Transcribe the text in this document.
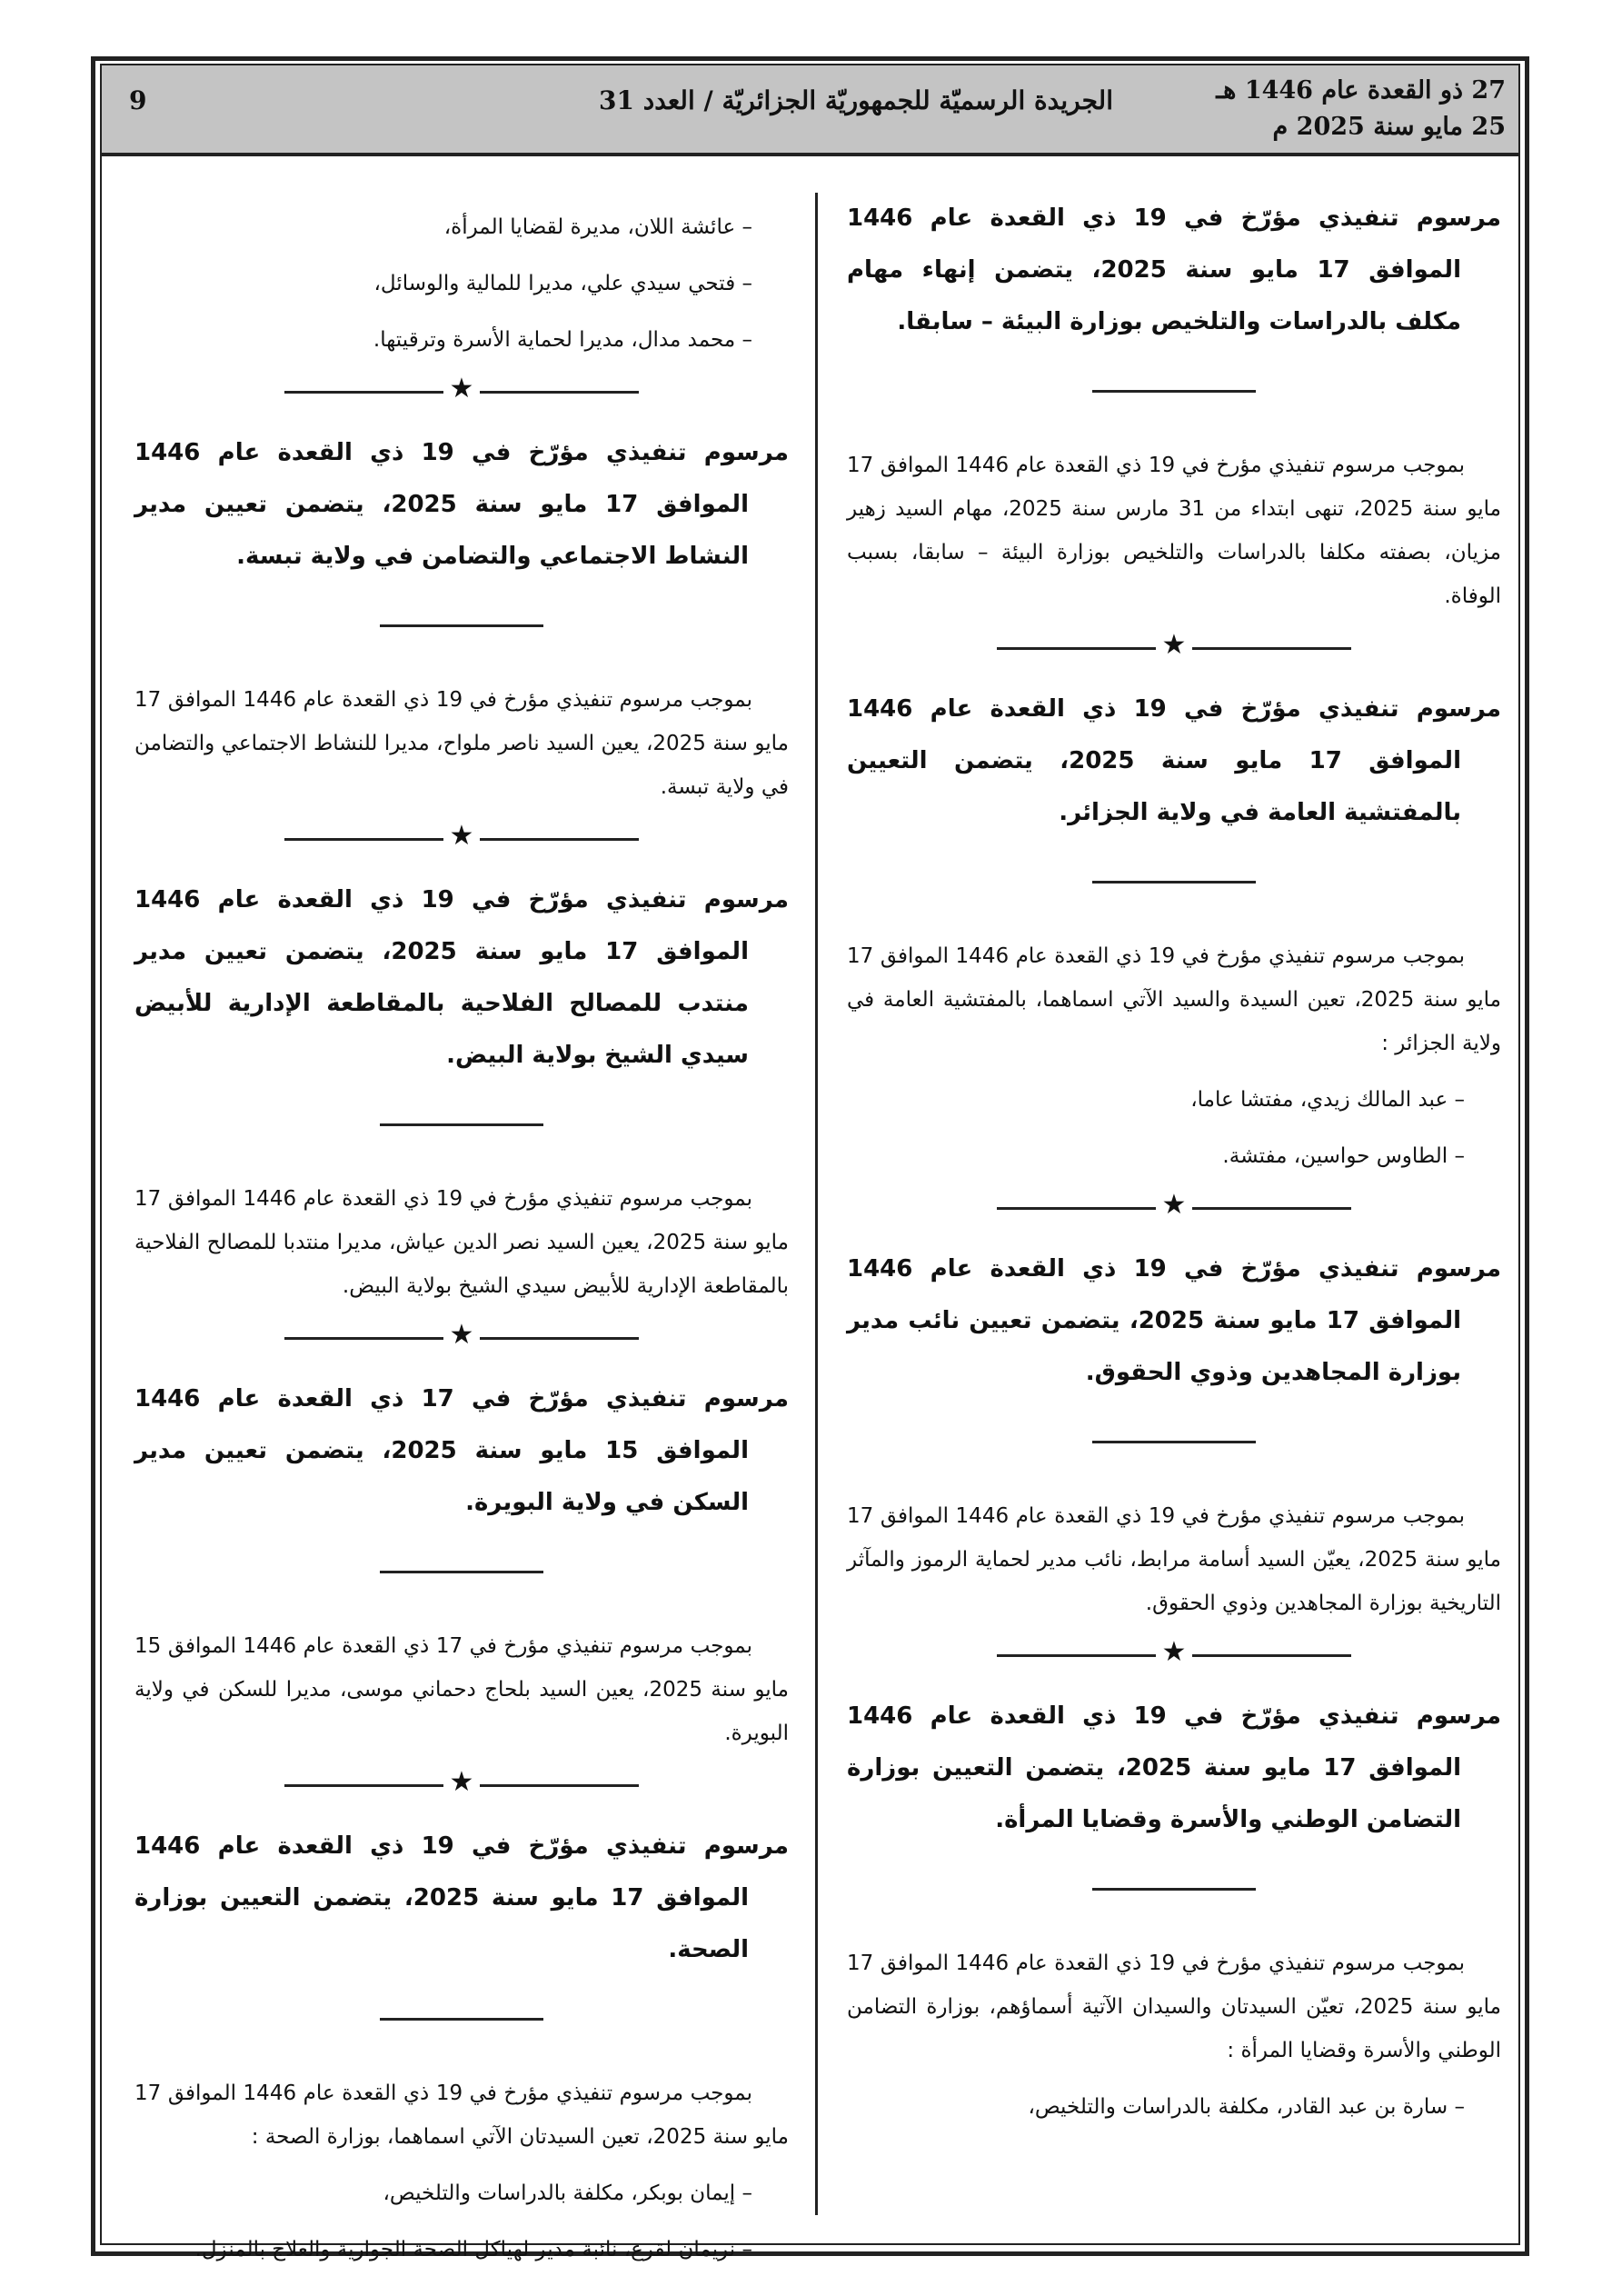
27 ذو القعدة عام 1446 هـ
25 مايو سنة 2025 م
الجريدة الرسميّة للجمهوريّة الجزائريّة / العدد 31
9

مرسوم تنفيذي مؤرّخ في 19 ذي القعدة عام 1446 الموافق 17 مايو سنة 2025، يتضمن إنهاء مهام مكلف بالدراسات والتلخيص بوزارة البيئة – سابقا.

بموجب مرسوم تنفيذي مؤرخ في 19 ذي القعدة عام 1446 الموافق 17 مايو سنة 2025، تنهى ابتداء من 31 مارس سنة 2025، مهام السيد زهير مزيان، بصفته مكلفا بالدراسات والتلخيص بوزارة البيئة – سابقا، بسبب الوفاة.

★

مرسوم تنفيذي مؤرّخ في 19 ذي القعدة عام 1446 الموافق 17 مايو سنة 2025، يتضمن التعيين بالمفتشية العامة في ولاية الجزائر.

بموجب مرسوم تنفيذي مؤرخ في 19 ذي القعدة عام 1446 الموافق 17 مايو سنة 2025، تعين السيدة والسيد الآتي اسماهما، بالمفتشية العامة في ولاية الجزائر :

– عبد المالك زيدي، مفتشا عاما،
– الطاوس حواسين، مفتشة.
★

مرسوم تنفيذي مؤرّخ في 19 ذي القعدة عام 1446 الموافق 17 مايو سنة 2025، يتضمن تعيين نائب مدير بوزارة المجاهدين وذوي الحقوق.

بموجب مرسوم تنفيذي مؤرخ في 19 ذي القعدة عام 1446 الموافق 17 مايو سنة 2025، يعيّن السيد أسامة مرابط، نائب مدير لحماية الرموز والمآثر التاريخية بوزارة المجاهدين وذوي الحقوق.

★

مرسوم تنفيذي مؤرّخ في 19 ذي القعدة عام 1446 الموافق 17 مايو سنة 2025، يتضمن التعيين بوزارة التضامن الوطني والأسرة وقضايا المرأة.

بموجب مرسوم تنفيذي مؤرخ في 19 ذي القعدة عام 1446 الموافق 17 مايو سنة 2025، تعيّن السيدتان والسيدان الآتية أسماؤهم، بوزارة التضامن الوطني والأسرة وقضايا المرأة :

– سارة بن عبد القادر، مكلفة بالدراسات والتلخيص،
– عائشة اللان، مديرة لقضايا المرأة،
– فتحي سيدي علي، مديرا للمالية والوسائل،
– محمد مدال، مديرا لحماية الأسرة وترقيتها.
★

مرسوم تنفيذي مؤرّخ في 19 ذي القعدة عام 1446 الموافق 17 مايو سنة 2025، يتضمن تعيين مدير النشاط الاجتماعي والتضامن في ولاية تبسة.

بموجب مرسوم تنفيذي مؤرخ في 19 ذي القعدة عام 1446 الموافق 17 مايو سنة 2025، يعين السيد ناصر ملواح، مديرا للنشاط الاجتماعي والتضامن في ولاية تبسة.

★

مرسوم تنفيذي مؤرّخ في 19 ذي القعدة عام 1446 الموافق 17 مايو سنة 2025، يتضمن تعيين مدير منتدب للمصالح الفلاحية بالمقاطعة الإدارية للأبيض سيدي الشيخ بولاية البيض.

بموجب مرسوم تنفيذي مؤرخ في 19 ذي القعدة عام 1446 الموافق 17 مايو سنة 2025، يعين السيد نصر الدين عياش، مديرا منتدبا للمصالح الفلاحية بالمقاطعة الإدارية للأبيض سيدي الشيخ بولاية البيض.

★

مرسوم تنفيذي مؤرّخ في 17 ذي القعدة عام 1446 الموافق 15 مايو سنة 2025، يتضمن تعيين مدير السكن في ولاية البويرة.

بموجب مرسوم تنفيذي مؤرخ في 17 ذي القعدة عام 1446 الموافق 15 مايو سنة 2025، يعين السيد بلحاج دحماني موسى، مديرا للسكن في ولاية البويرة.

★

مرسوم تنفيذي مؤرّخ في 19 ذي القعدة عام 1446 الموافق 17 مايو سنة 2025، يتضمن التعيين بوزارة الصحة.

بموجب مرسوم تنفيذي مؤرخ في 19 ذي القعدة عام 1446 الموافق 17 مايو سنة 2025، تعين السيدتان الآتي اسماهما، بوزارة الصحة :

– إيمان بوبكر، مكلفة بالدراسات والتلخيص،
– نريمان لقرع، نائبة مدير لهياكل الصحة الجوارية والعلاج بالمنزل.
